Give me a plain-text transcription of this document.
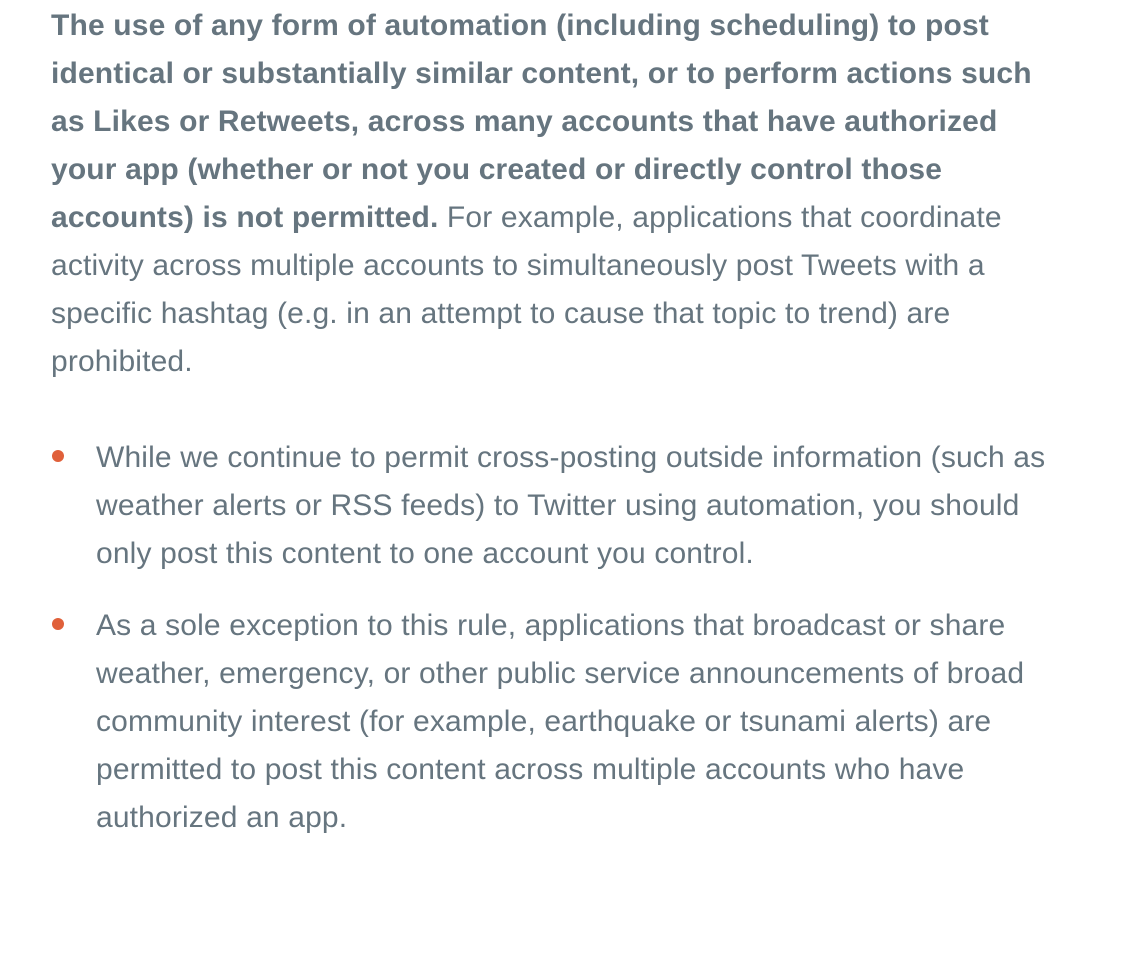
The use of any form of automation (including scheduling) to post identical or substantially similar content, or to perform actions such as Likes or Retweets, across many accounts that have authorized your app (whether or not you created or directly control those accounts) is not permitted. For example, applications that coordinate activity across multiple accounts to simultaneously post Tweets with a specific hashtag (e.g. in an attempt to cause that topic to trend) are prohibited.

While we continue to permit cross-posting outside information (such as weather alerts or RSS feeds) to Twitter using automation, you should only post this content to one account you control.
As a sole exception to this rule, applications that broadcast or share weather, emergency, or other public service announcements of broad community interest (for example, earthquake or tsunami alerts) are permitted to post this content across multiple accounts who have authorized an app.
